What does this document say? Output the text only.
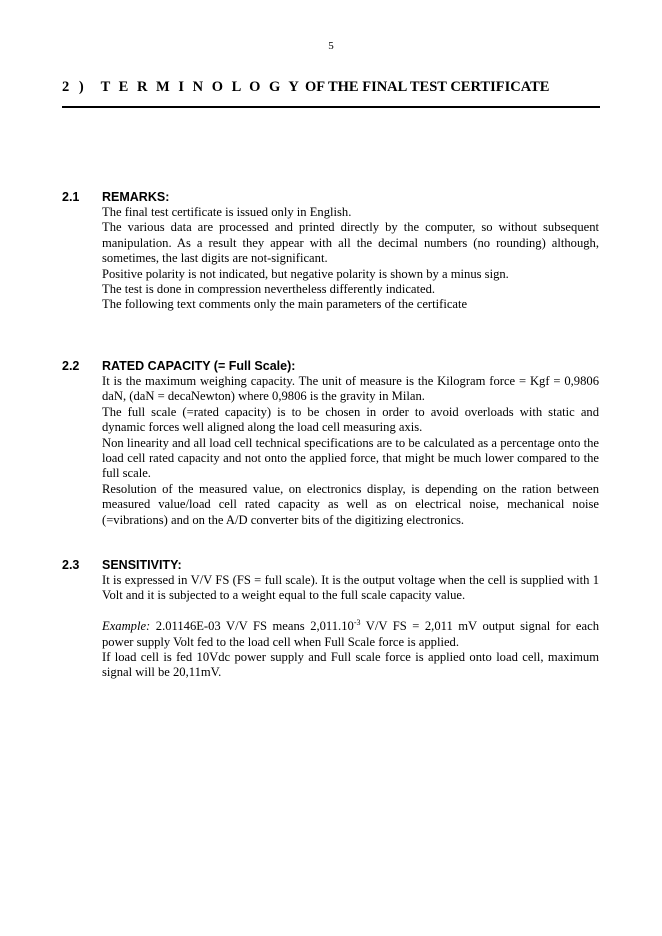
5
2 ) T E R M I N O L O G Y OF THE FINAL TEST CERTIFICATE
2.1 REMARKS:

The final test certificate is issued only in English.

The various data are processed and printed directly by the computer, so without subsequent manipulation. As a result they appear with all the decimal numbers (no rounding) although, sometimes, the last digits are not-significant.

Positive polarity is not indicated, but negative polarity is shown by a minus sign.

The test is done in compression nevertheless differently indicated.

The following text comments only the main parameters of the certificate

2.2 RATED CAPACITY (= Full Scale):

It is the maximum weighing capacity. The unit of measure is the Kilogram force = Kgf = 0,9806 daN, (daN = decaNewton) where 0,9806 is the gravity in Milan.

The full scale (=rated capacity) is to be chosen in order to avoid overloads with static and dynamic forces well aligned along the load cell measuring axis.

Non linearity and all load cell technical specifications are to be calculated as a percentage onto the load cell rated capacity and not onto the applied force, that might be much lower compared to the full scale.

Resolution of the measured value, on electronics display, is depending on the ration between measured value/load cell rated capacity as well as on electrical noise, mechanical noise (=vibrations) and on the A/D converter bits of the digitizing electronics.

2.3 SENSITIVITY:

It is expressed in V/V FS (FS = full scale). It is the output voltage when the cell is supplied with 1 Volt and it is subjected to a weight equal to the full scale capacity value.

Example: 2.01146E-03 V/V FS means $2,011.10^{-3}$ V/V FS = 2,011 mV output signal for each power supply Volt fed to the load cell when Full Scale force is applied.

If load cell is fed 10Vdc power supply and Full scale force is applied onto load cell, maximum signal will be 20,11mV.
